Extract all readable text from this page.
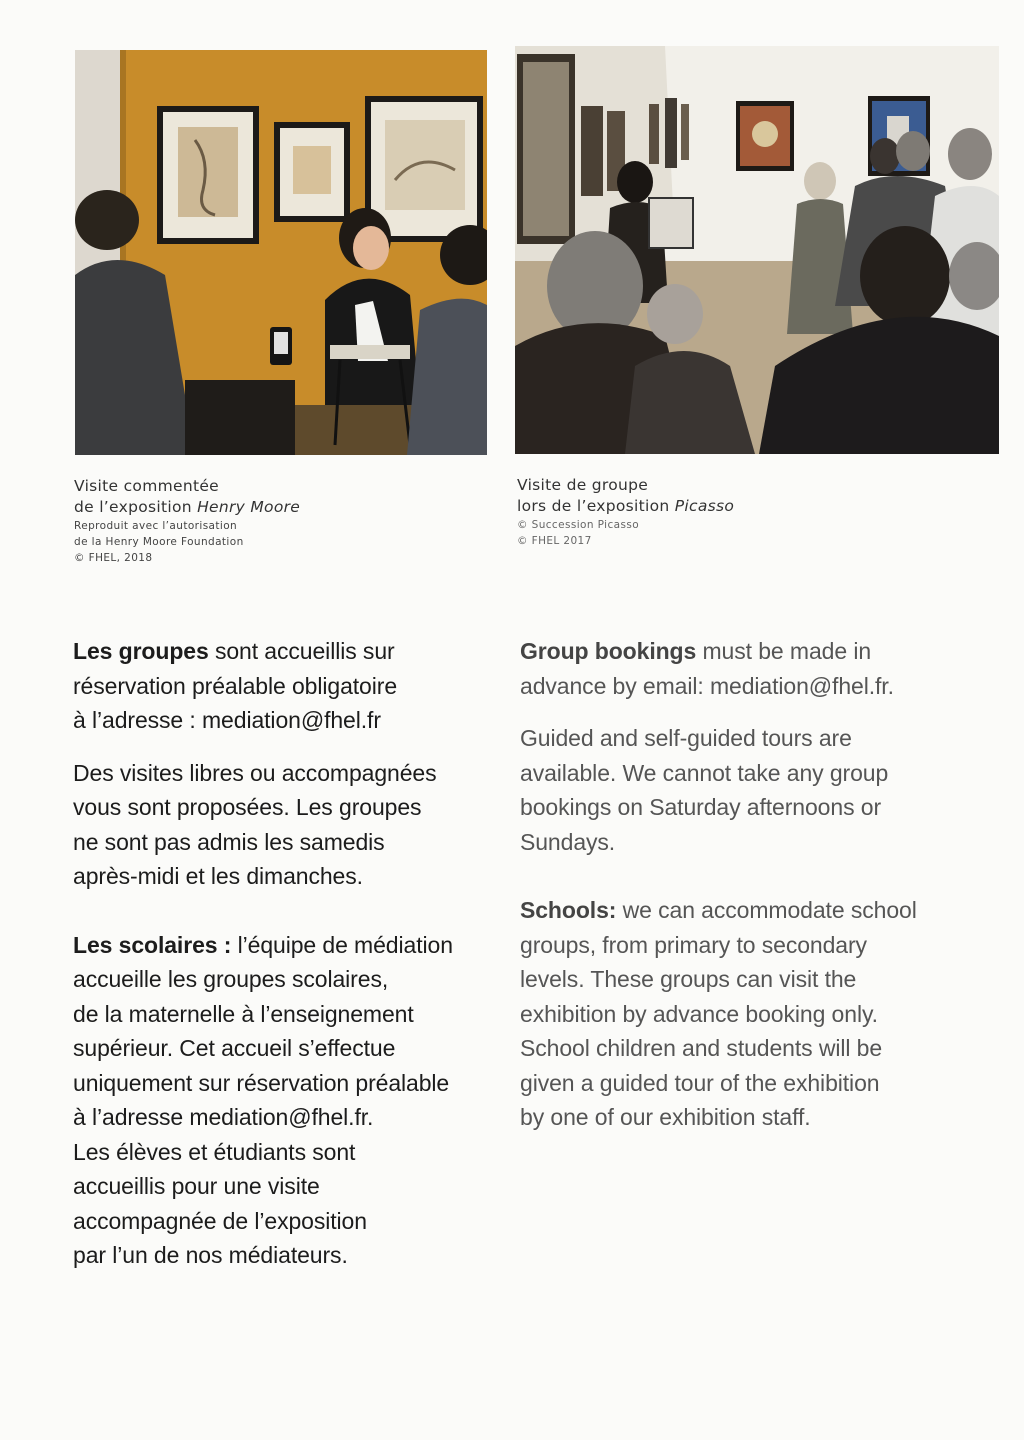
Visite commentée
de l’exposition Henry Moore
Reproduit avec l’autorisation
de la Henry Moore Foundation
© FHEL, 2018
Visite de groupe
lors de l’exposition Picasso
© Succession Picasso
© FHEL 2017

Les groupes sont accueillis sur
réservation préalable obligatoire
à l’adresse : mediation@fhel.fr

Des visites libres ou accompagnées
vous sont proposées. Les groupes
ne sont pas admis les samedis
après-midi et les dimanches.

Les scolaires : l’équipe de médiation
accueille les groupes scolaires,
de la maternelle à l’enseignement
supérieur. Cet accueil s’effectue
uniquement sur réservation préalable
à l’adresse mediation@fhel.fr.
Les élèves et étudiants sont
accueillis pour une visite
accompagnée de l’exposition
par l’un de nos médiateurs.

Group bookings must be made in
advance by email: mediation@fhel.fr.

Guided and self-guided tours are
available. We cannot take any group
bookings on Saturday afternoons or
Sundays.

Schools: we can accommodate school
groups, from primary to secondary
levels. These groups can visit the
exhibition by advance booking only.
School children and students will be
given a guided tour of the exhibition
by one of our exhibition staff.
